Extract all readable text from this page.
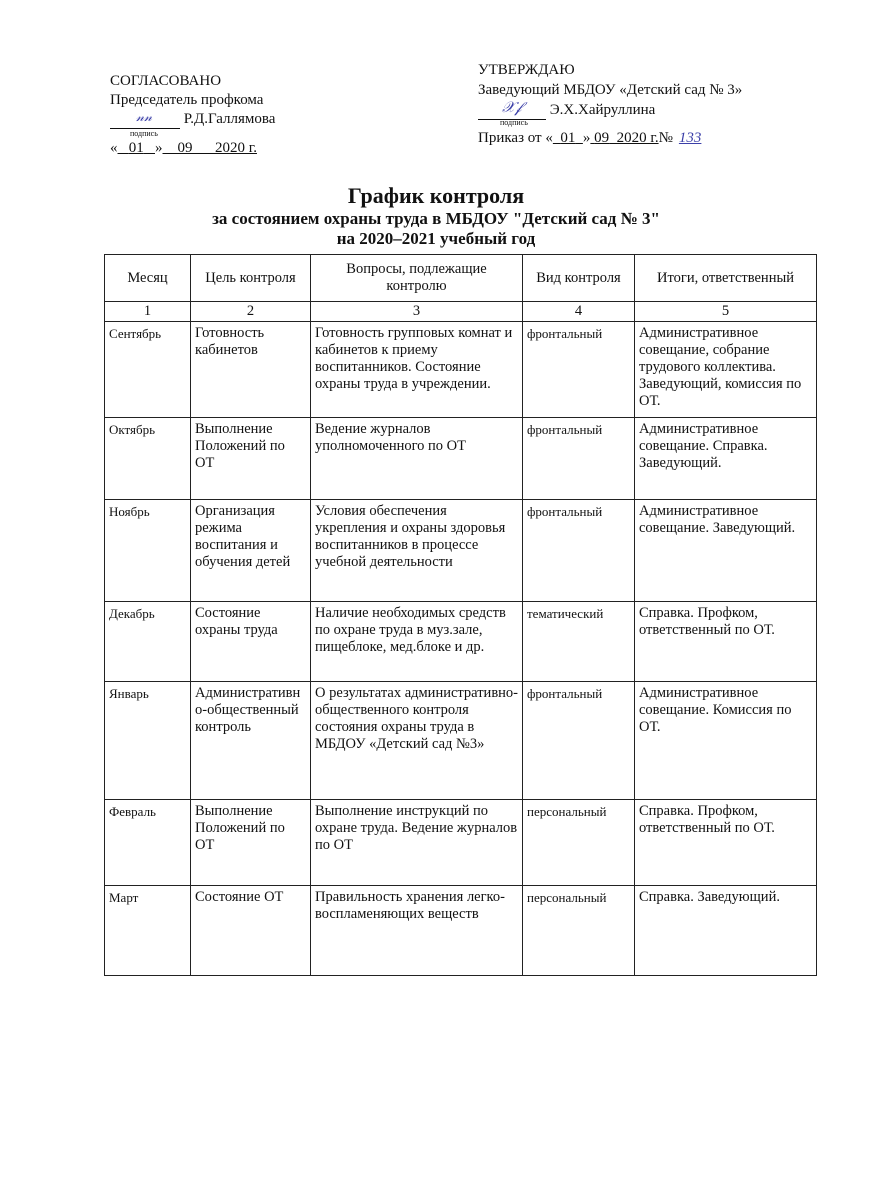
СОГЛАСОВАНО
Председатель профкома
𝓃𝓃 Р.Д.Галлямова
подпись
« 01 » 09 2020 г.
УТВЕРЖДАЮ
Заведующий МБДОУ «Детский сад № 3»
𝒳𝒻 Э.Х.Хайруллина
подпись
Приказ от « 01 » 09  2020 г.№ 133
График контроля
за состоянием охраны труда в МБДОУ "Детский сад № 3"
на 2020–2021 учебный год
Месяц	Цель контроля	Вопросы, подлежащие контролю	Вид контроля	Итоги, ответственный
1	2	3	4	5
Сентябрь	Готовность кабинетов	Готовность групповых комнат и кабинетов к приему воспитанников. Состояние охраны труда в учреждении.	фронтальный	Административное совещание, собрание трудового коллектива. Заведующий, комиссия по ОТ.
Октябрь	Выполнение Положений по ОТ	Ведение журналов уполномоченного по ОТ	фронтальный	Административное совещание. Справка. Заведующий.
Ноябрь	Организация режима воспитания и обучения детей	Условия обеспечения укрепления и охраны здоровья воспитанников в процессе учебной деятельности	фронтальный	Административное совещание. Заведующий.
Декабрь	Состояние охраны труда	Наличие необходимых средств по охране труда в муз.зале, пищеблоке, мед.блоке и др.	тематический	Справка. Профком, ответственный по ОТ.
Январь	Административно-общественный контроль	О результатах административно-общественного контроля состояния охраны труда в МБДОУ «Детский сад №3»	фронтальный	Административное совещание. Комиссия по ОТ.
Февраль	Выполнение Положений по ОТ	Выполнение инструкций по охране труда. Ведение журналов по ОТ	персональный	Справка. Профком, ответственный по ОТ.
Март	Состояние ОТ	Правильность хранения легко-воспламеняющих веществ	персональный	Справка. Заведующий.
